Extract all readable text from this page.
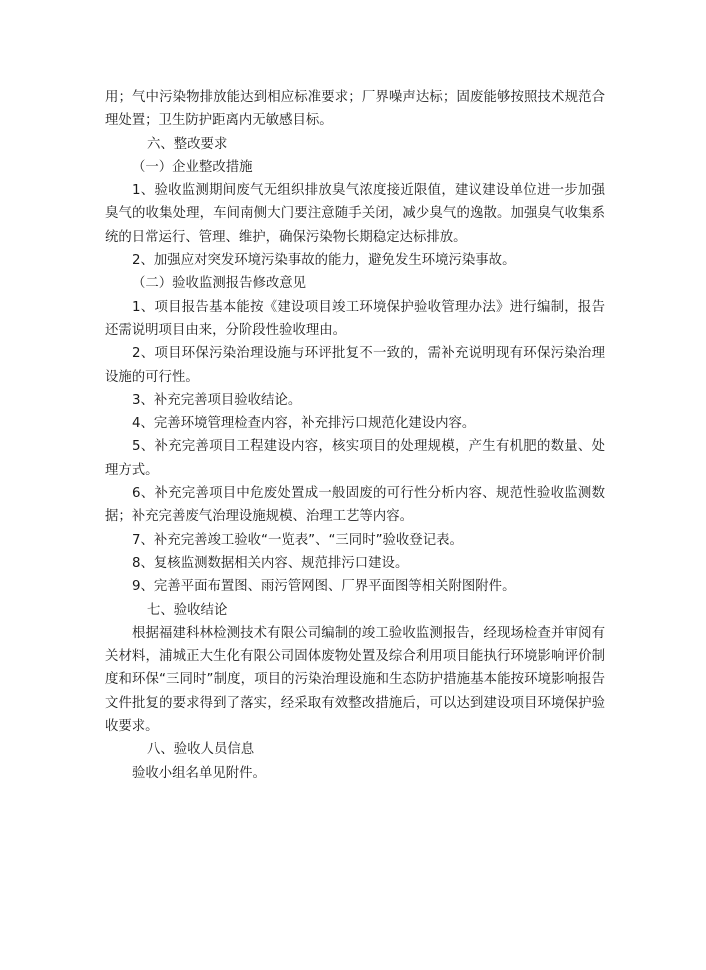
用；气中污染物排放能达到相应标准要求；厂界噪声达标；固废能够按照技术规范合理处置；卫生防护距离内无敏感目标。

六、整改要求

（一）企业整改措施

1、验收监测期间废气无组织排放臭气浓度接近限值，建议建设单位进一步加强臭气的收集处理，车间南侧大门要注意随手关闭，减少臭气的逸散。加强臭气收集系统的日常运行、管理、维护，确保污染物长期稳定达标排放。

2、加强应对突发环境污染事故的能力，避免发生环境污染事故。

（二）验收监测报告修改意见

1、项目报告基本能按《建设项目竣工环境保护验收管理办法》进行编制，报告还需说明项目由来，分阶段性验收理由。

2、项目环保污染治理设施与环评批复不一致的，需补充说明现有环保污染治理设施的可行性。

3、补充完善项目验收结论。

4、完善环境管理检查内容，补充排污口规范化建设内容。

5、补充完善项目工程建设内容，核实项目的处理规模，产生有机肥的数量、处理方式。

6、补充完善项目中危废处置成一般固废的可行性分析内容、规范性验收监测数据；补充完善废气治理设施规模、治理工艺等内容。

7、补充完善竣工验收“一览表”、“三同时”验收登记表。

8、复核监测数据相关内容、规范排污口建设。

9、完善平面布置图、雨污管网图、厂界平面图等相关附图附件。

七、验收结论

根据福建科林检测技术有限公司编制的竣工验收监测报告，经现场检查并审阅有关材料，浦城正大生化有限公司固体废物处置及综合利用项目能执行环境影响评价制度和环保“三同时”制度，项目的污染治理设施和生态防护措施基本能按环境影响报告文件批复的要求得到了落实，经采取有效整改措施后，可以达到建设项目环境保护验收要求。

八、验收人员信息

验收小组名单见附件。
